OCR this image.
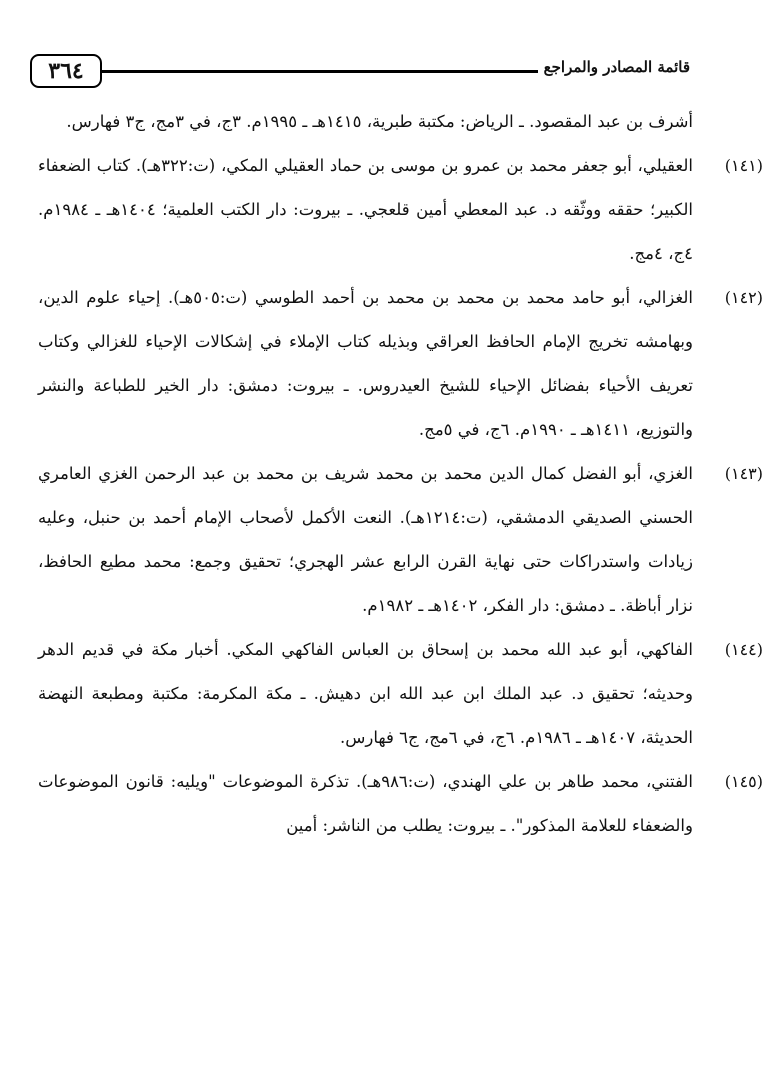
٣٦٤	قائمة المصادر والمراجع
أشرف بن عبد المقصود. ـ الرياض: مكتبة طبرية، ١٤١٥هـ ـ ١٩٩٥م. ٣ج، في ٣مج، ج٣ فهارس.
(١٤١)
العقيلي، أبو جعفر محمد بن عمرو بن موسى بن حماد العقيلي المكي، (ت:٣٢٢هـ). كتاب الضعفاء الكبير؛ حققه ووثّقه د. عبد المعطي أمين قلعجي. ـ بيروت: دار الكتب العلمية؛ ١٤٠٤هـ ـ ١٩٨٤م. ٤ج، ٤مج.
(١٤٢)
الغزالي، أبو حامد محمد بن محمد بن محمد بن أحمد الطوسي (ت:٥٠٥هـ). إحياء علوم الدين، وبهامشه تخريج الإمام الحافظ العراقي وبذيله كتاب الإملاء في إشكالات الإحياء للغزالي وكتاب تعريف الأحياء بفضائل الإحياء للشيخ العيدروس. ـ بيروت: دمشق: دار الخير للطباعة والنشر والتوزيع، ١٤١١هـ ـ ١٩٩٠م. ٦ج، في ٥مج.
(١٤٣)
الغزي، أبو الفضل كمال الدين محمد بن محمد شريف بن محمد بن عبد الرحمن الغزي العامري الحسني الصديقي الدمشقي، (ت:١٢١٤هـ). النعت الأكمل لأصحاب الإمام أحمد بن حنبل، وعليه زيادات واستدراكات حتى نهاية القرن الرابع عشر الهجري؛ تحقيق وجمع: محمد مطيع الحافظ، نزار أباظة. ـ دمشق: دار الفكر، ١٤٠٢هـ ـ ١٩٨٢م.
(١٤٤)
الفاكهي، أبو عبد الله محمد بن إسحاق بن العباس الفاكهي المكي. أخبار مكة في قديم الدهر وحديثه؛ تحقيق د. عبد الملك ابن عبد الله ابن دهيش. ـ مكة المكرمة: مكتبة ومطبعة النهضة الحديثة، ١٤٠٧هـ ـ ١٩٨٦م. ٦ج، في ٦مج، ج٦ فهارس.
(١٤٥)
الفتني، محمد طاهر بن علي الهندي، (ت:٩٨٦هـ). تذكرة الموضوعات "ويليه: قانون الموضوعات والضعفاء للعلامة المذكور". ـ بيروت: يطلب من الناشر: أمين
